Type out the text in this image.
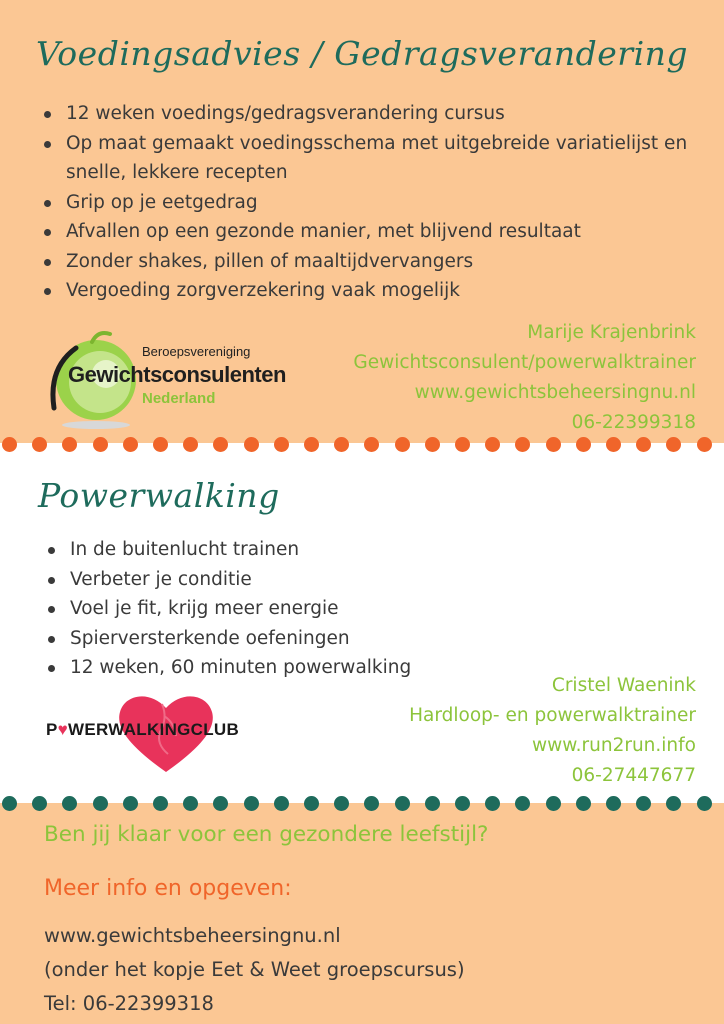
Voedingsadvies / Gedragsverandering
12 weken voedings/gedragsverandering cursus
Op maat gemaakt voedingsschema met uitgebreide variatielijst en snelle, lekkere recepten
Grip op je eetgedrag
Afvallen op een gezonde manier, met blijvend resultaat
Zonder shakes, pillen of maaltijdvervangers
Vergoeding zorgverzekering vaak mogelijk
Beroepsvereniging
Gewichtsconsulenten
Nederland
Marije Krajenbrink
Gewichtsconsulent/powerwalktrainer
www.gewichtsbeheersingnu.nl
06-22399318
Powerwalking
In de buitenlucht trainen
Verbeter je conditie
Voel je fit, krijg meer energie
Spierversterkende oefeningen
12 weken, 60 minuten powerwalking
P♥WERWALKINGCLUB
Cristel Waenink
Hardloop- en powerwalktrainer
www.run2run.info
06-27447677
Ben jij klaar voor een gezondere leefstijl?
Meer info en opgeven:
www.gewichtsbeheersingnu.nl
(onder het kopje Eet & Weet groepscursus)
Tel: 06-22399318
